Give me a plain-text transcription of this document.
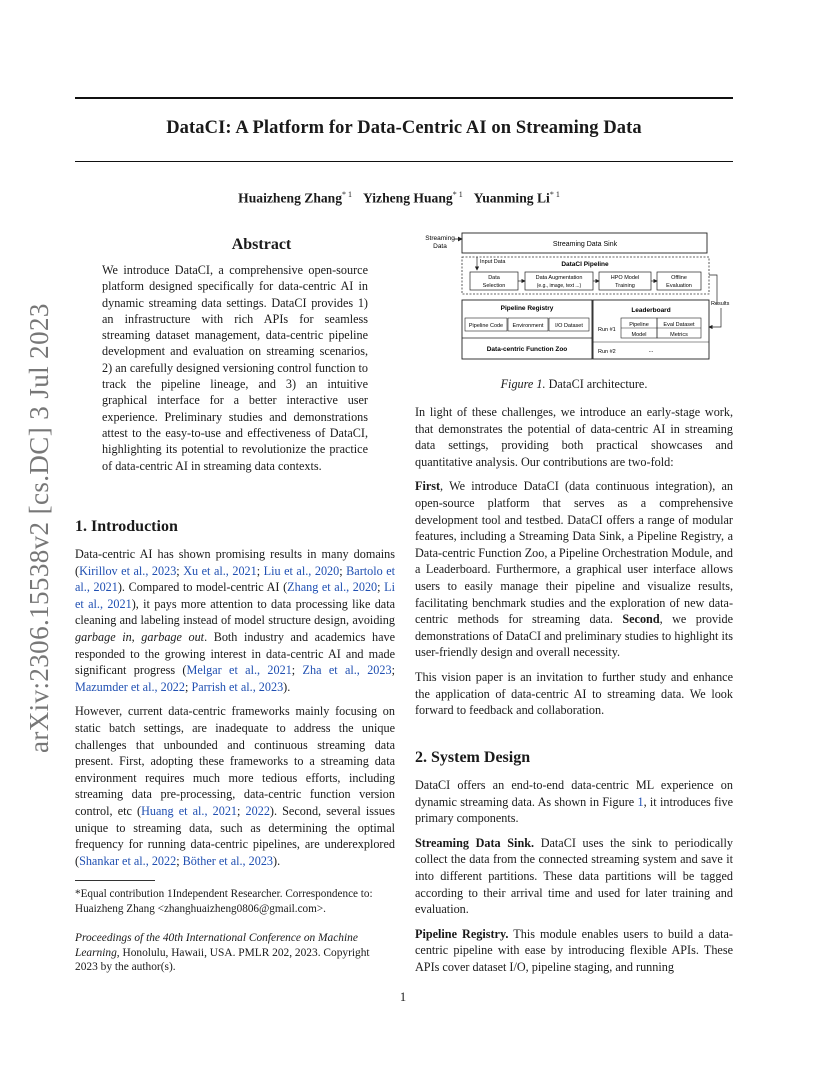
DataCI: A Platform for Data-Centric AI on Streaming Data
Huaizheng Zhang$^{* 1}$ Yizheng Huang$^{* 1}$ Yuanming Li$^{* 1}$
arXiv:2306.15538v2 [cs.DC] 3 Jul 2023
Abstract
We introduce DataCI, a comprehensive open-source platform designed specifically for data-centric AI in dynamic streaming data settings. DataCI provides 1) an infrastructure with rich APIs for seamless streaming dataset management, data-centric pipeline development and evaluation on streaming scenarios, 2) an carefully designed versioning control function to track the pipeline lineage, and 3) an intuitive graphical interface for a better interactive user experience. Preliminary studies and demonstrations attest to the easy-to-use and effectiveness of DataCI, highlighting its potential to revolutionize the practice of data-centric AI in streaming data contexts.
1. Introduction

Data-centric AI has shown promising results in many domains (Kirillov et al., 2023; Xu et al., 2021; Liu et al., 2020; Bartolo et al., 2021). Compared to model-centric AI (Zhang et al., 2020; Li et al., 2021), it pays more attention to data processing like data cleaning and labeling instead of model structure design, avoiding garbage in, garbage out. Both industry and academics have responded to the growing interest in data-centric AI and made significant progress (Melgar et al., 2021; Zha et al., 2023; Mazumder et al., 2022; Parrish et al., 2023).

However, current data-centric frameworks mainly focusing on static batch settings, are inadequate to address the unique challenges that unbounded and continuous streaming data present. First, adopting these frameworks to a streaming data environment requires much more tedious efforts, including streaming data pre-processing, data-centric function version control, etc (Huang et al., 2021; 2022). Second, several issues unique to streaming data, such as determining the optimal frequency for running data-centric pipelines, are underexplored (Shankar et al., 2022; Böther et al., 2023).

*Equal contribution 1Independent Researcher. Correspondence to: Huaizheng Zhang <zhanghuaizheng0806@gmail.com>.
Proceedings of the 40th International Conference on Machine Learning, Honolulu, Hawaii, USA. PMLR 202, 2023. Copyright 2023 by the author(s).
Streaming
Data	Streaming Data Sink
Input Data	DataCI Pipeline
Data
Selection
Data Augmentation
(e.g., image, text ...)
HPO Model
Training
Offline
Evaluation
Results
Pipeline Registry
Pipeline Code Environment I/O Dataset
Data-centric Function Zoo
Leaderboard
Run #1
Pipeline
Model
Eval Dataset
Metrics
Run #2	...
Figure 1. DataCI architecture.

In light of these challenges, we introduce an early-stage work, that demonstrates the potential of data-centric AI in streaming data settings, providing both practical showcases and quantitative analysis. Our contributions are two-fold:

First, We introduce DataCI (data continuous integration), an open-source platform that serves as a comprehensive development tool and testbed. DataCI offers a range of modular features, including a Streaming Data Sink, a Pipeline Registry, a Data-centric Function Zoo, a Pipeline Orchestration Module, and a Leaderboard. Furthermore, a graphical user interface allows users to easily manage their pipeline and visualize results, facilitating benchmark studies and the exploration of new data-centric methods for streaming data. Second, we provide demonstrations of DataCI and preliminary studies to highlight its user-friendly design and overall necessity.

This vision paper is an invitation to further study and enhance the application of data-centric AI to streaming data. We look forward to feedback and collaboration.

2. System Design

DataCI offers an end-to-end data-centric ML experience on dynamic streaming data. As shown in Figure 1, it introduces five primary components.

Streaming Data Sink. DataCI uses the sink to periodically collect the data from the connected streaming system and save it into different partitions. These data partitions will be tagged according to their arrival time and used for later training and evaluation.

Pipeline Registry. This module enables users to build a data-centric pipeline with ease by introducing flexible APIs. These APIs cover dataset I/O, pipeline staging, and running

1
